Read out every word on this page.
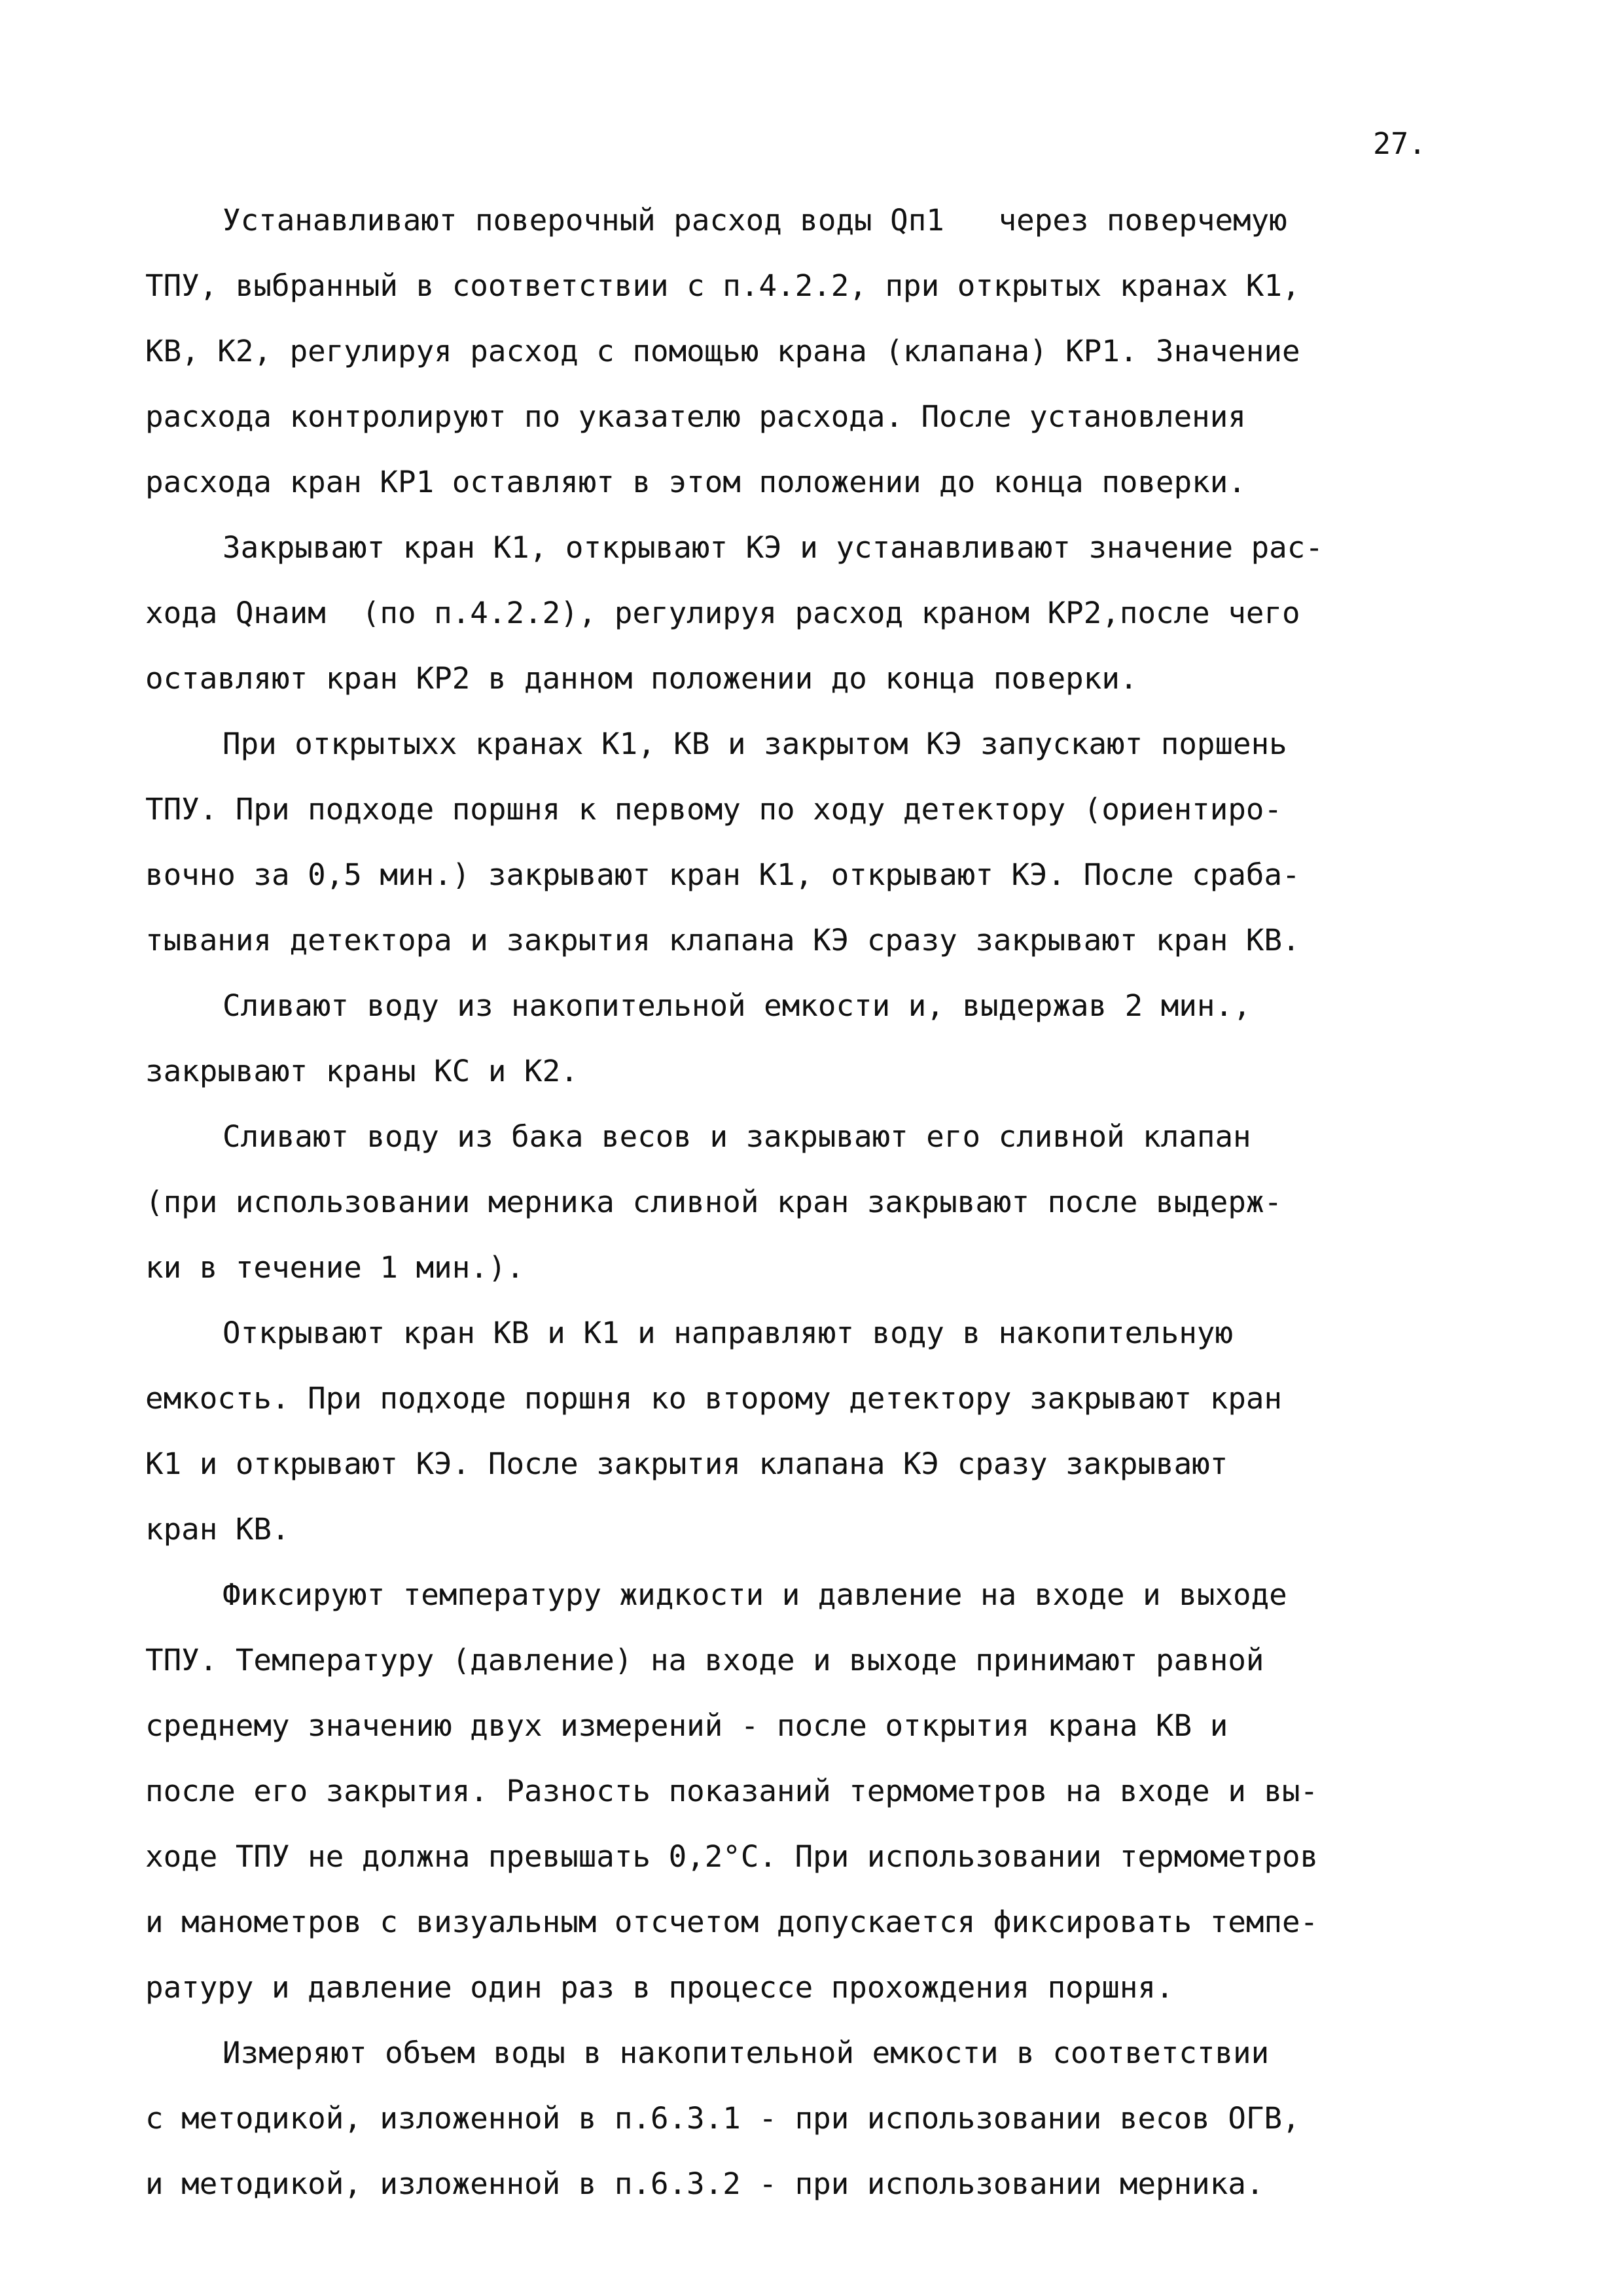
27.
Устанавливают поверочный расход воды Qп1   через поверчемую
ТПУ, выбранный в соответствии с п.4.2.2, при открытых кранах К1,
КВ, К2, регулируя расход с помощью крана (клапана) КР1. Значение
расхода контролируют по указателю расхода. После установления
расхода кран КР1 оставляют в этом положении до конца поверки.
Закрывают кран К1, открывают КЭ и устанавливают значение рас-
хода Qнаим  (по п.4.2.2), регулируя расход краном КР2,после чего
оставляют кран КР2 в данном положении до конца поверки.
При открытыхх кранах К1, КВ и закрытом КЭ запускают поршень
ТПУ. При подходе поршня к первому по ходу детектору (ориентиро-
вочно за 0,5 мин.) закрывают кран К1, открывают КЭ. После сраба-
тывания детектора и закрытия клапана КЭ сразу закрывают кран КВ.
Сливают воду из накопительной емкости и, выдержав 2 мин.,
закрывают краны КС и К2.
Сливают воду из бака весов и закрывают его сливной клапан
(при использовании мерника сливной кран закрывают после выдерж-
ки в течение 1 мин.).
Открывают кран КВ и К1 и направляют воду в накопительную
емкость. При подходе поршня ко второму детектору закрывают кран
К1 и открывают КЭ. После закрытия клапана КЭ сразу закрывают
кран КВ.
Фиксируют температуру жидкости и давление на входе и выходе
ТПУ. Температуру (давление) на входе и выходе принимают равной
среднему значению двух измерений - после открытия крана КВ и
после его закрытия. Разность показаний термометров на входе и вы-
ходе ТПУ не должна превышать 0,2°С. При использовании термометров
и манометров с визуальным отсчетом допускается фиксировать темпе-
ратуру и давление один раз в процессе прохождения поршня.
Измеряют объем воды в накопительной емкости в соответствии
с методикой, изложенной в п.6.3.1 - при использовании весов ОГВ,
и методикой, изложенной в п.6.3.2 - при использовании мерника.
